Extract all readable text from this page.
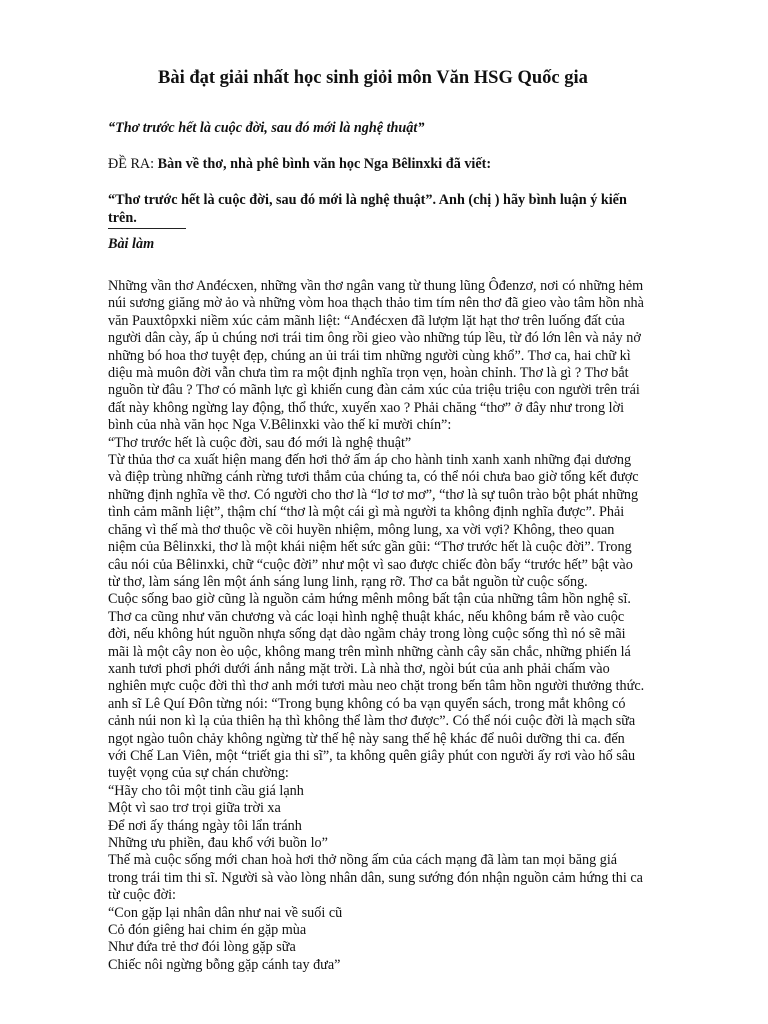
Bài đạt giải nhất học sinh giỏi môn Văn HSG Quốc gia
“Thơ trước hết là cuộc đời, sau đó mới là nghệ thuật”
ĐỀ RA: Bàn về thơ, nhà phê bình văn học Nga Bêlinxki đã viết:
“Thơ trước hết là cuộc đời, sau đó mới là nghệ thuật”. Anh (chị ) hãy bình luận ý kiến
trên.
Bài làm
Những vần thơ Anđécxen, những vần thơ ngân vang từ thung lũng Ôđenzơ, nơi có những hẻm
núi sương giăng mờ ảo và những vòm hoa thạch thảo tim tím nên thơ đã gieo vào tâm hồn nhà
văn Pauxtôpxki niềm xúc cảm mãnh liệt: “Anđécxen đã lượm lặt hạt thơ trên luống đất của
người dân cày, ấp ủ chúng nơi trái tim ông rồi gieo vào những túp lều, từ đó lớn lên và nảy nở
những bó hoa thơ tuyệt đẹp, chúng an ủi trái tim những người cùng khổ”. Thơ ca, hai chữ kì
diệu mà muôn đời vẫn chưa tìm ra một định nghĩa trọn vẹn, hoàn chỉnh. Thơ là gì ? Thơ bắt
nguồn từ đâu ? Thơ có mãnh lực gì khiến cung đàn cảm xúc của triệu triệu con người trên trái
đất này không ngừng lay động, thổ thức, xuyến xao ? Phải chăng “thơ” ở đây như trong lời
bình của nhà văn học Nga V.Bêlinxki vào thế kỉ mười chín”:
“Thơ trước hết là cuộc đời, sau đó mới là nghệ thuật”
Từ thủa thơ ca xuất hiện mang đến hơi thở ấm áp cho hành tinh xanh xanh những đại dương
và điệp trùng những cánh rừng tươi thắm của chúng ta, có thể nói chưa bao giờ tổng kết được
những định nghĩa về thơ. Có người cho thơ là “lơ tơ mơ”, “thơ là sự tuôn trào bột phát những
tình cảm mãnh liệt”, thậm chí “thơ là một cái gì mà người ta không định nghĩa được”. Phải
chăng vì thế mà thơ thuộc về cõi huyền nhiệm, mông lung, xa vời vợi? Không, theo quan
niệm của Bêlinxki, thơ là một khái niệm hết sức gần gũi: “Thơ trước hết là cuộc đời”. Trong
câu nói của Bêlinxki, chữ “cuộc đời” như một vì sao được chiếc đòn bẩy “trước hết” bật vào
từ thơ, làm sáng lên một ánh sáng lung linh, rạng rỡ. Thơ ca bắt nguồn từ cuộc sống.
Cuộc sống bao giờ cũng là nguồn cảm hứng mênh mông bất tận của những tâm hồn nghệ sĩ.
Thơ ca cũng như văn chương và các loại hình nghệ thuật khác, nếu không bám rễ vào cuộc
đời, nếu không hút nguồn nhựa sống dạt dào ngầm chảy trong lòng cuộc sống thì nó sẽ mãi
mãi là một cây non èo uộc, không mang trên mình những cành cây săn chắc, những phiến lá
xanh tươi phơi phới dưới ánh nắng mặt trời. Là nhà thơ, ngòi bút của anh phải chấm vào
nghiên mực cuộc đời thì thơ anh mới tươi màu neo chặt trong bến tâm hồn người thưởng thức.
anh sĩ Lê Quí Đôn từng nói: “Trong bụng không có ba vạn quyển sách, trong mắt không có
cảnh núi non kì lạ của thiên hạ thì không thể làm thơ được”. Có thể nói cuộc đời là mạch sữa
ngọt ngào tuôn chảy không ngừng từ thế hệ này sang thế hệ khác để nuôi dưỡng thi ca. đến
với Chế Lan Viên, một “triết gia thi sĩ”, ta không quên giây phút con người ấy rơi vào hố sâu
tuyệt vọng của sự chán chường:
“Hãy cho tôi một tinh cầu giá lạnh
Một vì sao trơ trọi giữa trời xa
Để nơi ấy tháng ngày tôi lẩn tránh
Những ưu phiền, đau khổ với buồn lo”
Thế mà cuộc sống mới chan hoà hơi thở nồng ấm của cách mạng đã làm tan mọi băng giá
trong trái tim thi sĩ. Người sà vào lòng nhân dân, sung sướng đón nhận nguồn cảm hứng thi ca
từ cuộc đời:
“Con gặp lại nhân dân như nai về suối cũ
Cỏ đón giêng hai chim én gặp mùa
Như đứa trẻ thơ đói lòng gặp sữa
Chiếc nôi ngừng bỗng gặp cánh tay đưa”
